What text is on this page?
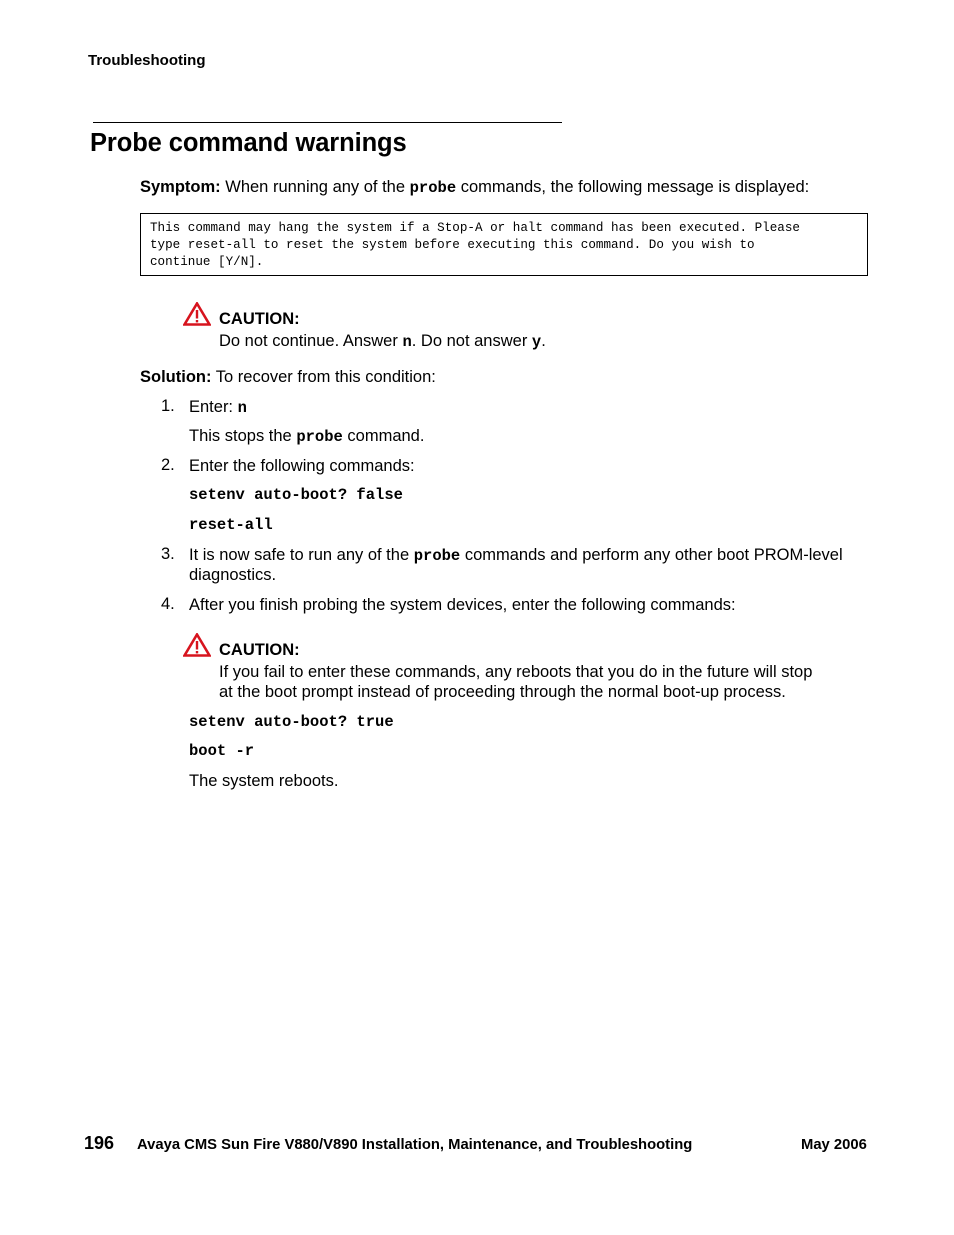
Troubleshooting
Probe command warnings
Symptom: When running any of the probe commands, the following message is displayed:
This command may hang the system if a Stop-A or halt command has been executed. Please
type reset-all to reset the system before executing this command. Do you wish to
continue [Y/N].
CAUTION:
Do not continue. Answer n. Do not answer y.
Solution: To recover from this condition:
1. Enter: n
This stops the probe command.
2. Enter the following commands:
setenv auto-boot? false
reset-all
3. It is now safe to run any of the probe commands and perform any other boot PROM-level
diagnostics.
4. After you finish probing the system devices, enter the following commands:
CAUTION:
If you fail to enter these commands, any reboots that you do in the future will stop
at the boot prompt instead of proceeding through the normal boot-up process.
setenv auto-boot? true
boot -r
The system reboots.
196 Avaya CMS Sun Fire V880/V890 Installation, Maintenance, and Troubleshooting	May 2006
